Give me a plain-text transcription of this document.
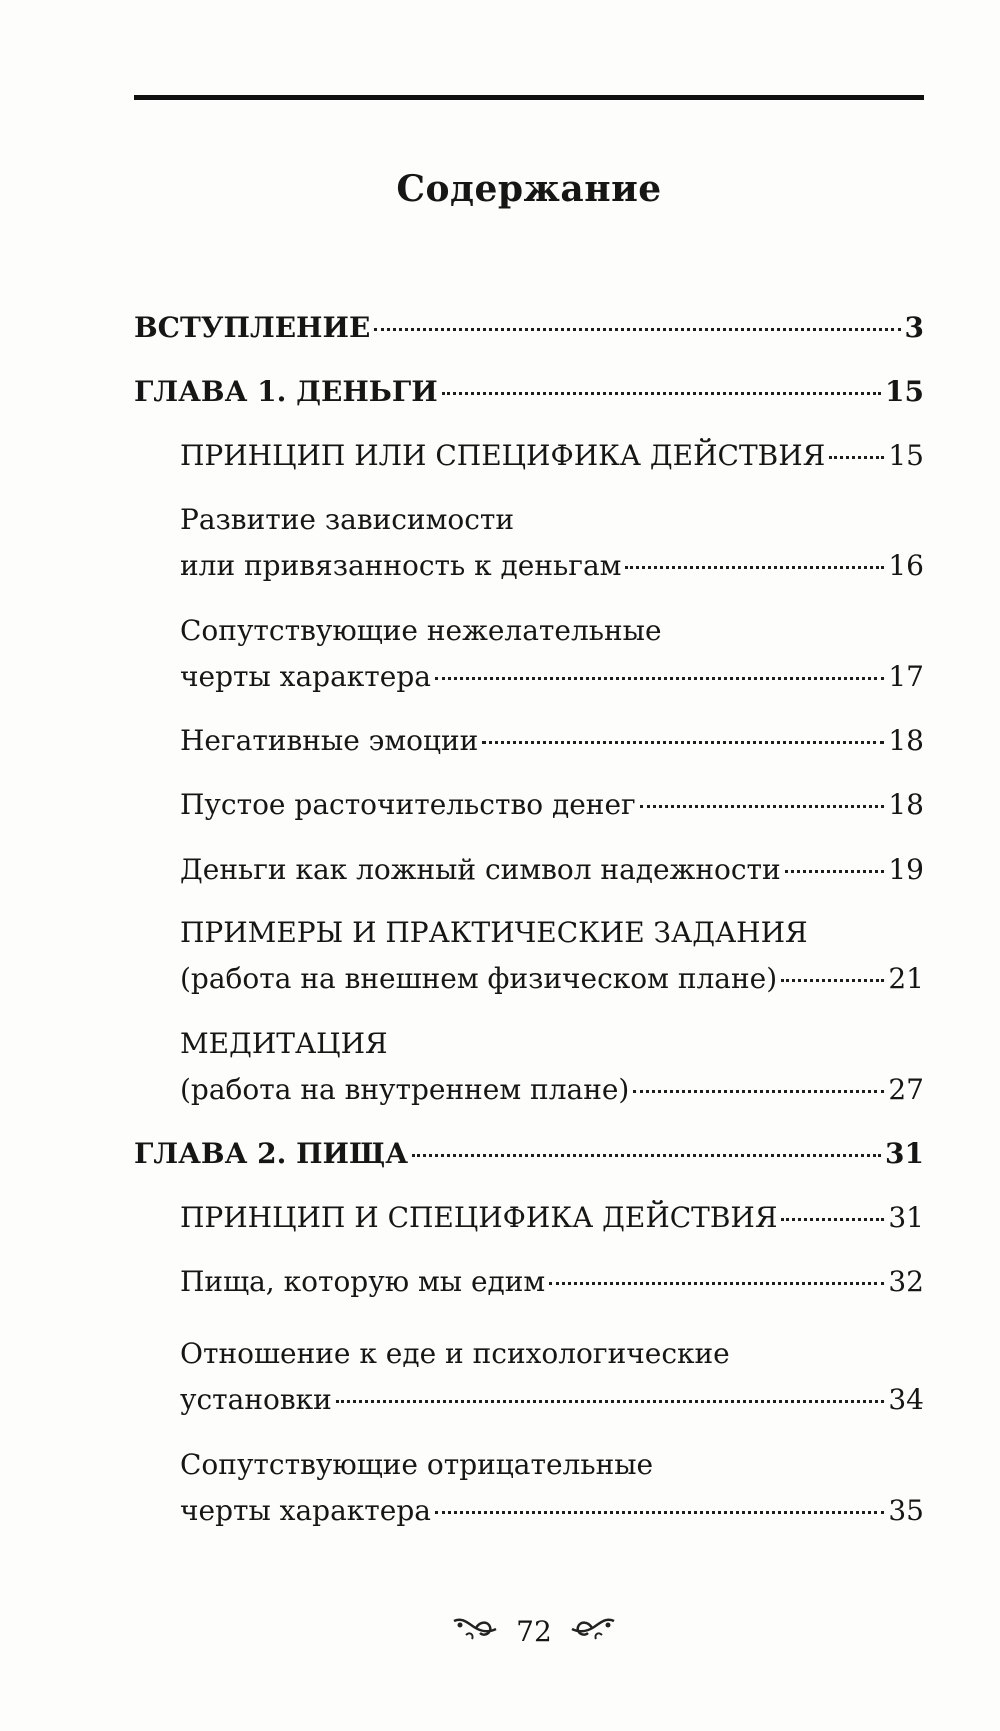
Содержание
ВСТУПЛЕНИЕ	3
ГЛАВА 1. ДЕНЬГИ	15
ПРИНЦИП ИЛИ СПЕЦИФИКА ДЕЙСТВИЯ 15
Развитие зависимости
или привязанность к деньгам	16
Сопутствующие нежелательные
черты характера	17
Негативные эмоции	18
Пустое расточительство денег	18
Деньги как ложный символ надежности	19
ПРИМЕРЫ И ПРАКТИЧЕСКИЕ ЗАДАНИЯ
(работа на внешнем физическом плане)	21
МЕДИТАЦИЯ
(работа на внутреннем плане)	27
ГЛАВА 2. ПИЩА	31
ПРИНЦИП И СПЕЦИФИКА ДЕЙСТВИЯ	31
Пища, которую мы едим	32
Отношение к еде и психологические
установки	34
Сопутствующие отрицательные
черты характера	35
72
